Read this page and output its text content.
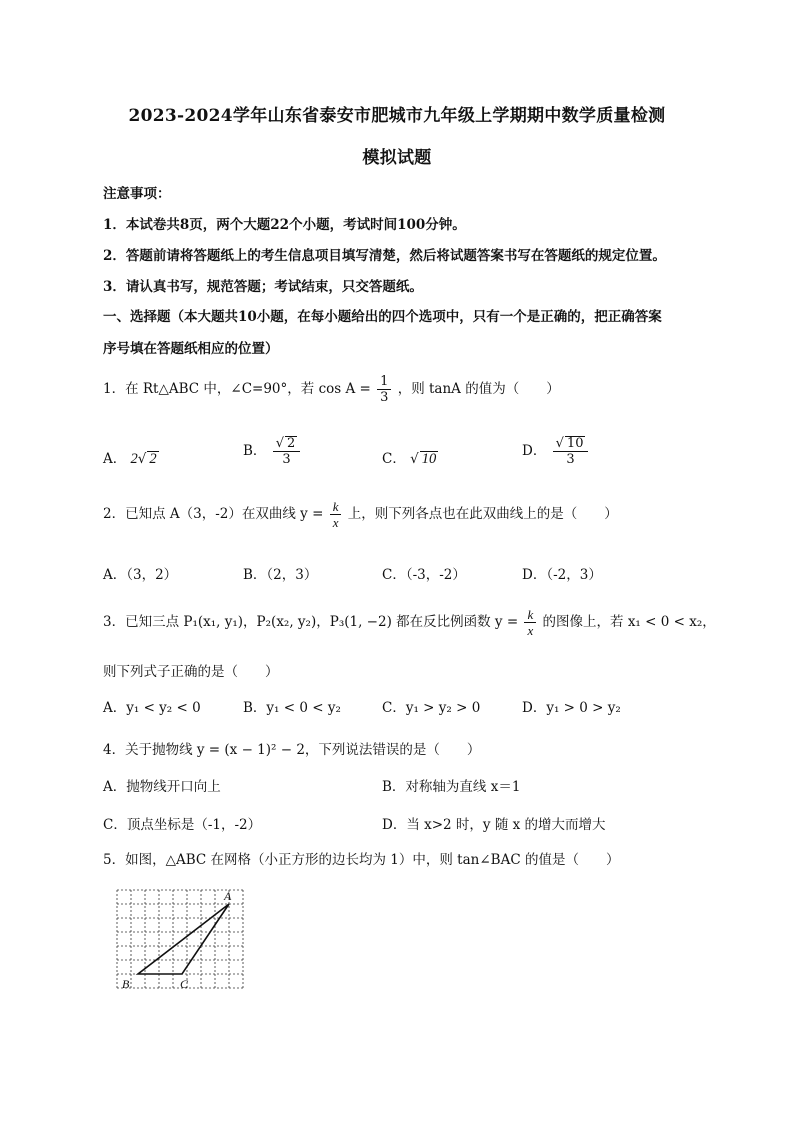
2023-2024学年山东省泰安市肥城市九年级上学期期中数学质量检测
模拟试题
注意事项：
1．本试卷共8页，两个大题22个小题，考试时间100分钟。
2．答题前请将答题纸上的考生信息项目填写清楚，然后将试题答案书写在答题纸的规定位置。
3．请认真书写，规范答题；考试结束，只交答题纸。
一、选择题（本大题共10小题，在每小题给出的四个选项中，只有一个是正确的，把正确答案
序号填在答题纸相应的位置）
1．在 Rt△ABC 中，∠C=90°，若 $\cos A = \frac{1}{3}$ ，则 tanA 的值为（　　）
A． 2√ 2	B． $\frac{√ 2}{3}$	C． √ 10	D． $\frac{√ 10}{3}$
2．已知点 A（3，-2）在双曲线 $y = \frac{k}{x}$ 上，则下列各点也在此双曲线上的是（　　）
A．（3，2）	B．（2，3）	C．（-3，-2）	D．（-2，3）
3．已知三点 P₁(x₁, y₁)，P₂(x₂, y₂)，P₃(1, −2) 都在反比例函数 $y = \frac{k}{x}$ 的图像上，若 x₁ < 0 < x₂，
则下列式子正确的是（　　）
A．y₁ < y₂ < 0	B．y₁ < 0 < y₂	C．y₁ > y₂ > 0	D．y₁ > 0 > y₂
4．关于抛物线 y = (x − 1)² − 2，下列说法错误的是（　　）
A．抛物线开口向上	B．对称轴为直线 x＝1
C．顶点坐标是（-1，-2）	D．当 x>2 时，y 随 x 的增大而增大
5．如图，△ABC 在网格（小正方形的边长均为 1）中，则 tan∠BAC 的值是（　　）
A
B	C
